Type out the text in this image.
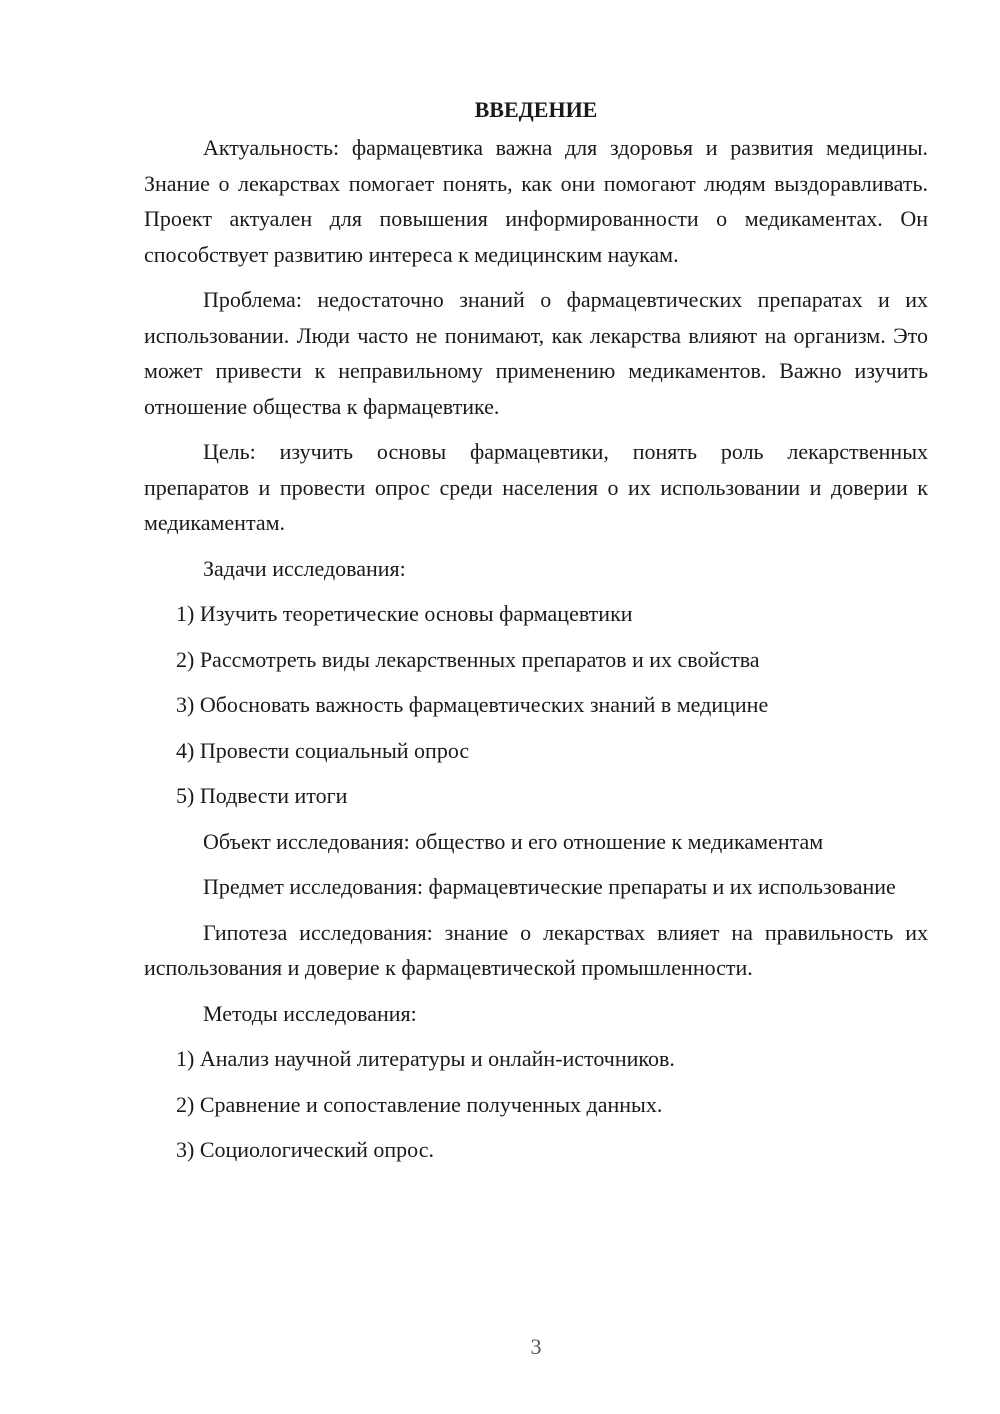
ВВЕДЕНИЕ

Актуальность: фармацевтика важна для здоровья и развития медицины. Знание о лекарствах помогает понять, как они помогают людям выздоравливать. Проект актуален для повышения информированности о медикаментах. Он способствует развитию интереса к медицинским наукам.

Проблема: недостаточно знаний о фармацевтических препаратах и их использовании. Люди часто не понимают, как лекарства влияют на организм. Это может привести к неправильному применению медикаментов. Важно изучить отношение общества к фармацевтике.

Цель: изучить основы фармацевтики, понять роль лекарственных препаратов и провести опрос среди населения о их использовании и доверии к медикаментам.

Задачи исследования:

1) Изучить теоретические основы фармацевтики

2) Рассмотреть виды лекарственных препаратов и их свойства

3) Обосновать важность фармацевтических знаний в медицине

4) Провести социальный опрос

5) Подвести итоги

Объект исследования: общество и его отношение к медикаментам

Предмет исследования: фармацевтические препараты и их использование

Гипотеза исследования: знание о лекарствах влияет на правильность их использования и доверие к фармацевтической промышленности.

Методы исследования:

1) Анализ научной литературы и онлайн-источников.

2) Сравнение и сопоставление полученных данных.

3) Социологический опрос.

3
